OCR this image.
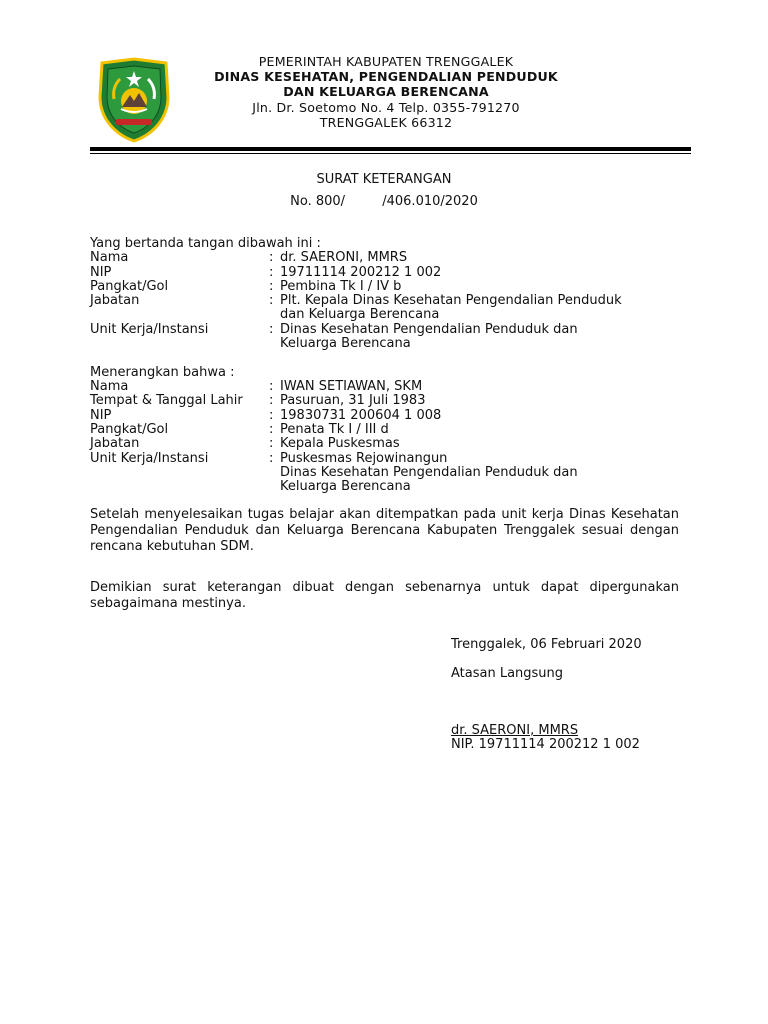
PEMERINTAH KABUPATEN TRENGGALEK
DINAS KESEHATAN, PENGENDALIAN PENDUDUK
DAN KELUARGA BERENCANA
Jln. Dr. Soetomo No. 4 Telp. 0355-791270
TRENGGALEK 66312
SURAT KETERANGAN
No. 800/         /406.010/2020
Yang bertanda tangan dibawah ini :
Nama	: dr. SAERONI, MMRS
NIP	: 19711114 200212 1 002
Pangkat/Gol	: Pembina Tk I / IV b
Jabatan	: Plt. Kepala Dinas Kesehatan Pengendalian Penduduk
dan Keluarga Berencana
Unit Kerja/Instansi	: Dinas Kesehatan Pengendalian Penduduk dan
Keluarga Berencana
Menerangkan bahwa :
Nama	: IWAN SETIAWAN, SKM
Tempat & Tanggal Lahir : Pasuruan, 31 Juli 1983
NIP	: 19830731 200604 1 008
Pangkat/Gol	: Penata Tk I / III d
Jabatan	: Kepala Puskesmas
Unit Kerja/Instansi	: Puskesmas Rejowinangun
Dinas Kesehatan Pengendalian Penduduk dan
Keluarga Berencana
Setelah menyelesaikan tugas belajar akan ditempatkan pada unit kerja Dinas Kesehatan Pengendalian Penduduk dan Keluarga Berencana Kabupaten Trenggalek sesuai dengan rencana kebutuhan SDM.
Demikian surat keterangan dibuat dengan sebenarnya untuk dapat dipergunakan sebagaimana mestinya.
Trenggalek, 06 Februari 2020
Atasan Langsung
dr. SAERONI, MMRS
NIP. 19711114 200212 1 002
